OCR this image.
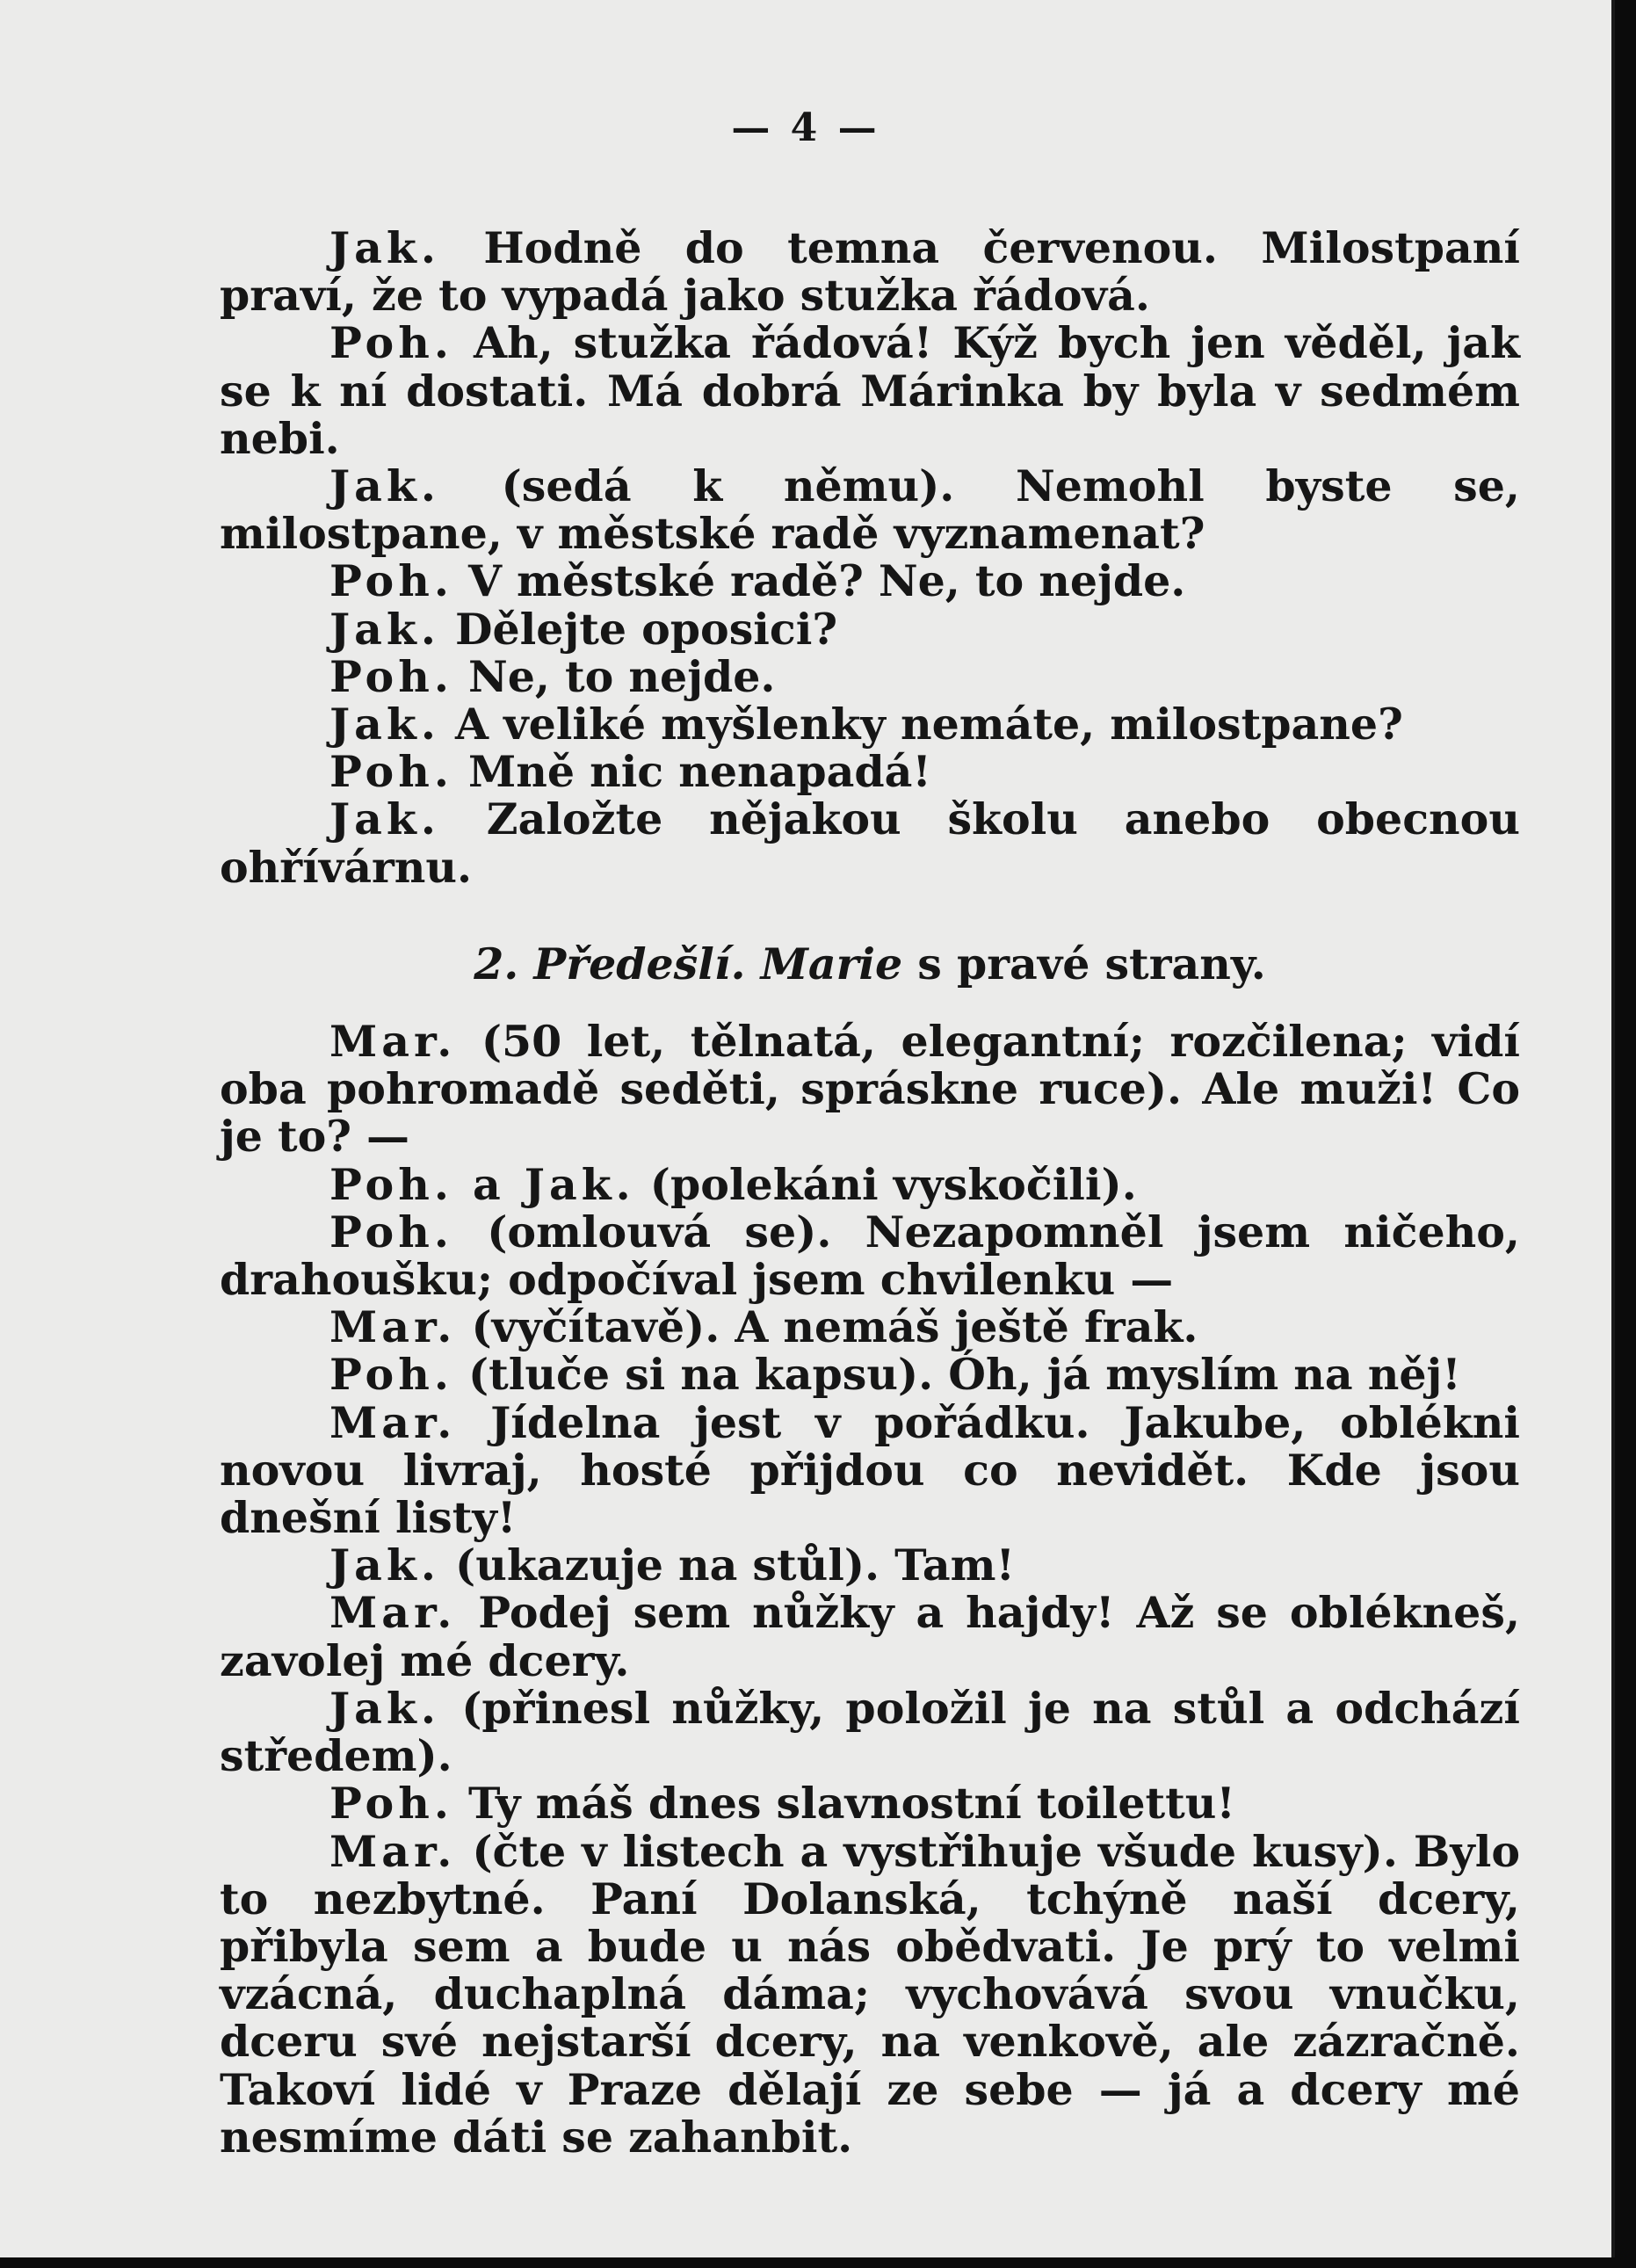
— 4 —

Jak. Hodně do temna červenou. Milostpaní praví, že to vypadá jako stužka řádová.

Poh. Ah, stužka řádová! Kýž bych jen věděl, jak se k ní dostati. Má dobrá Márinka by byla v sedmém nebi.

Jak. (sedá k němu). Nemohl byste se, milostpane, v městské radě vyznamenat?

Poh. V městské radě? Ne, to nejde.

Jak. Dělejte oposici?

Poh. Ne, to nejde.

Jak. A veliké myšlenky nemáte, milostpane?

Poh. Mně nic nenapadá!

Jak. Založte nějakou školu anebo obecnou ohřívárnu.

2. Předešlí. Marie s pravé strany.

Mar. (50 let, tělnatá, elegantní; rozčilena; vidí oba pohromadě seděti, spráskne ruce). Ale muži! Co je to? —

Poh. a Jak. (polekáni vyskočili).

Poh. (omlouvá se). Nezapomněl jsem ničeho, drahoušku; odpočíval jsem chvilenku —

Mar. (vyčítavě). A nemáš ještě frak.

Poh. (tluče si na kapsu). Óh, já myslím na něj!

Mar. Jídelna jest v pořádku. Jakube, oblékni novou livraj, hosté přijdou co nevidět. Kde jsou dnešní listy!

Jak. (ukazuje na stůl). Tam!

Mar. Podej sem nůžky a hajdy! Až se oblékneš, zavolej mé dcery.

Jak. (přinesl nůžky, položil je na stůl a odchází středem).

Poh. Ty máš dnes slavnostní toilettu!

Mar. (čte v listech a vystřihuje všude kusy). Bylo to nezbytné. Paní Dolanská, tchýně naší dcery, přibyla sem a bude u nás obědvati. Je prý to velmi vzácná, duchaplná dáma; vychovává svou vnučku, dceru své nejstarší dcery, na venkově, ale zázračně. Takoví lidé v Praze dělají ze sebe — já a dcery mé nesmíme dáti se zahanbit.
